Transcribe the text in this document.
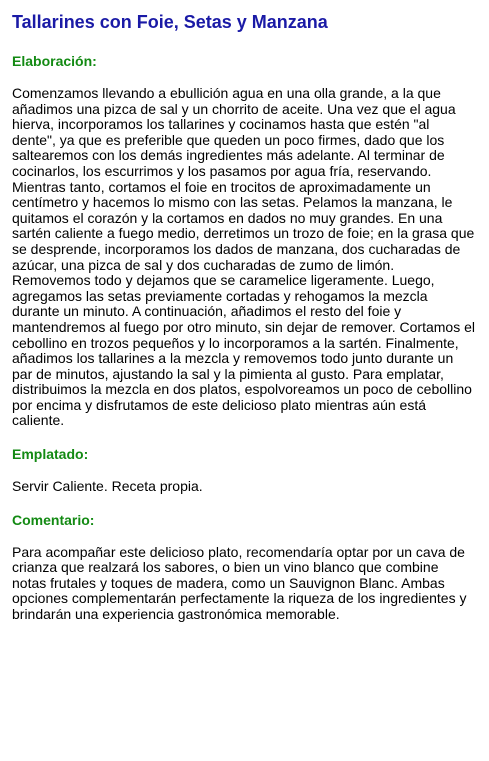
Tallarines con Foie, Setas y Manzana
Elaboración:

Comenzamos llevando a ebullición agua en una olla grande, a la que añadimos una pizca de sal y un chorrito de aceite. Una vez que el agua hierva, incorporamos los tallarines y cocinamos hasta que estén "al dente", ya que es preferible que queden un poco firmes, dado que los saltearemos con los demás ingredientes más adelante. Al terminar de cocinarlos, los escurrimos y los pasamos por agua fría, reservando. Mientras tanto, cortamos el foie en trocitos de aproximadamente un centímetro y hacemos lo mismo con las setas. Pelamos la manzana, le quitamos el corazón y la cortamos en dados no muy grandes. En una sartén caliente a fuego medio, derretimos un trozo de foie; en la grasa que se desprende, incorporamos los dados de manzana, dos cucharadas de azúcar, una pizca de sal y dos cucharadas de zumo de limón. Removemos todo y dejamos que se caramelice ligeramente. Luego, agregamos las setas previamente cortadas y rehogamos la mezcla durante un minuto. A continuación, añadimos el resto del foie y mantendremos al fuego por otro minuto, sin dejar de remover. Cortamos el cebollino en trozos pequeños y lo incorporamos a la sartén. Finalmente, añadimos los tallarines a la mezcla y removemos todo junto durante un par de minutos, ajustando la sal y la pimienta al gusto. Para emplatar, distribuimos la mezcla en dos platos, espolvoreamos un poco de cebollino por encima y disfrutamos de este delicioso plato mientras aún está caliente.

Emplatado:

Servir Caliente. Receta propia.

Comentario:

Para acompañar este delicioso plato, recomendaría optar por un cava de crianza que realzará los sabores, o bien un vino blanco que combine notas frutales y toques de madera, como un Sauvignon Blanc. Ambas opciones complementarán perfectamente la riqueza de los ingredientes y brindarán una experiencia gastronómica memorable.
